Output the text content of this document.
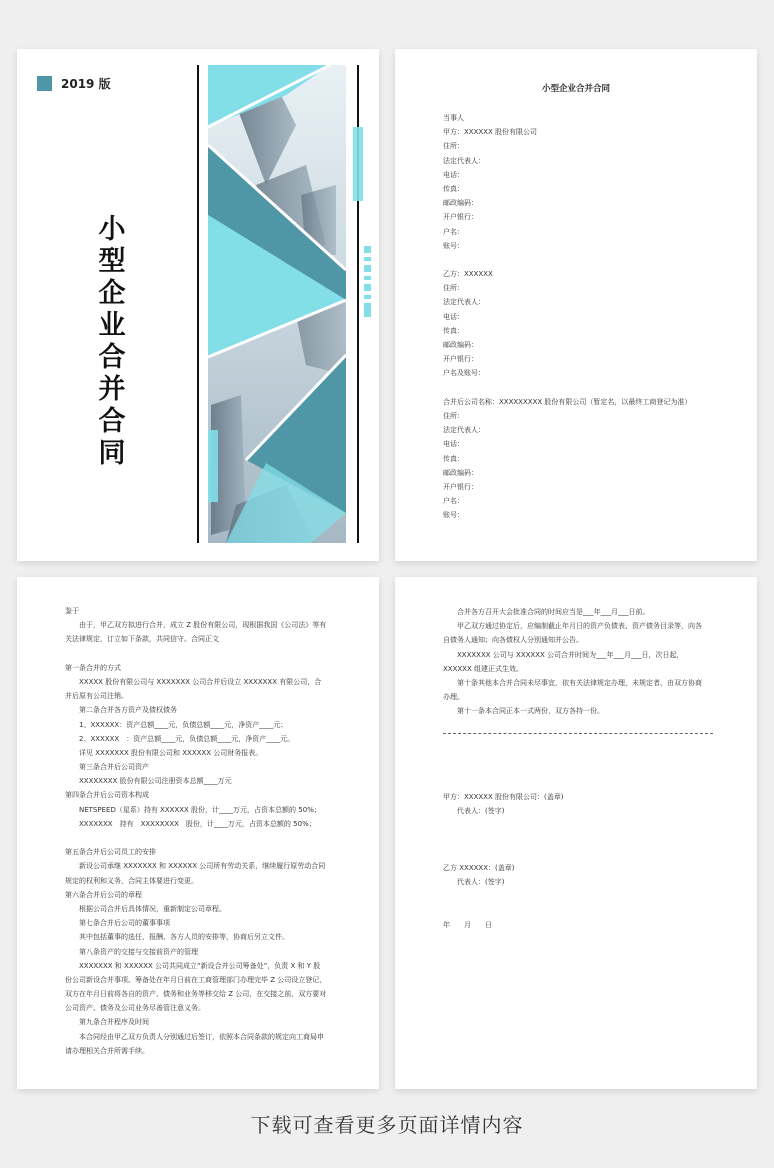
2019 版
小型企业合并合同
小型企业合并合同
当事人
甲方：XXXXXX 股份有限公司
住所：
法定代表人：
电话：
传真：
邮政编码：
开户银行：
户名：
账号：
乙方：XXXXXX
住所：
法定代表人：
电话：
传真：
邮政编码：
开户银行：
户名及账号：
合并后公司名称：XXXXXXXXX 股份有限公司（暂定名，以最终工商登记为准）
住所：
法定代表人：
电话：
传真：
邮政编码：
开户银行：
户名：
账号：
鉴于
由于，甲乙双方拟进行合并，成立 Z 股份有限公司，现根据我国《公司法》等有
关法律规定，订立如下条款，共同信守。合同正文
第一条合并的方式
XXXXX 股份有限公司与 XXXXXXX 公司合并后设立 XXXXXXX 有限公司，合
并后原有公司注销。
第二条合并各方资产及债权债务
1、XXXXXX：资产总额____元，负债总额____元，净资产____元；
2、XXXXXX　：资产总额____元，负债总额____元，净资产____元。
详见 XXXXXXX 股份有限公司和 XXXXXX 公司财务报表。
第三条合并后公司资产
XXXXXXXX 股份有限公司注册资本总额____万元
第四条合并后公司资本构成
NETSPEED（星系）持有 XXXXXX 股份，计____万元，占资本总额的 50%；
XXXXXXX　持有　XXXXXXXX　股份，计____万元，占资本总额的 50%；
第五条合并后公司员工的安排
新设公司承继 XXXXXXX 和 XXXXXX 公司所有劳动关系，继续履行原劳动合同
规定的权利和义务，合同主体要进行变更。
第六条合并后公司的章程
根据公司合并后具体情况，重新制定公司章程。
第七条合并后公司的董事事项
其中包括董事的选任、报酬、各方人员的安排等，协商后另立文件。
第八条资产的交接与交接前资产的管理
XXXXXXX 和 XXXXXX 公司共同成立“新设合并公司筹备处”，负责 X 和 Y 股
份公司新设合并事项。筹备处在年月日前在工商管理部门办理完毕 Z 公司设立登记，
双方在年月日前将各自的资产、债务和业务等移交给 Z 公司，在交接之前，双方要对
公司资产、债务及公司业务尽善管注意义务。
第九条合并程序及时间
本合同经由甲乙双方负责人分别通过后签订，依照本合同条款的规定向工商局申
请办理相关合并所需手续。
合并各方召开大会批准合同的时间应当是___年___月___日前。
甲乙双方通过协定后，应编制截止年月日的资产负债表、资产债务目录等，向各
自债务人通知；向各债权人分别通知并公告。
XXXXXXX 公司与 XXXXXX 公司合并时间为___年___月___日，次日起，
XXXXXX 组建正式生效。
第十条其他本合并合同未尽事宜，依有关法律规定办理，未规定者，由双方协商
办理。
第十一条本合同正本一式两份，双方各持一份。
甲方：XXXXXX 股份有限公司：(盖章)
代表人：(签字)
乙方 XXXXXX：(盖章)
代表人：(签字)
年　　月　　日
下载可查看更多页面详情内容
